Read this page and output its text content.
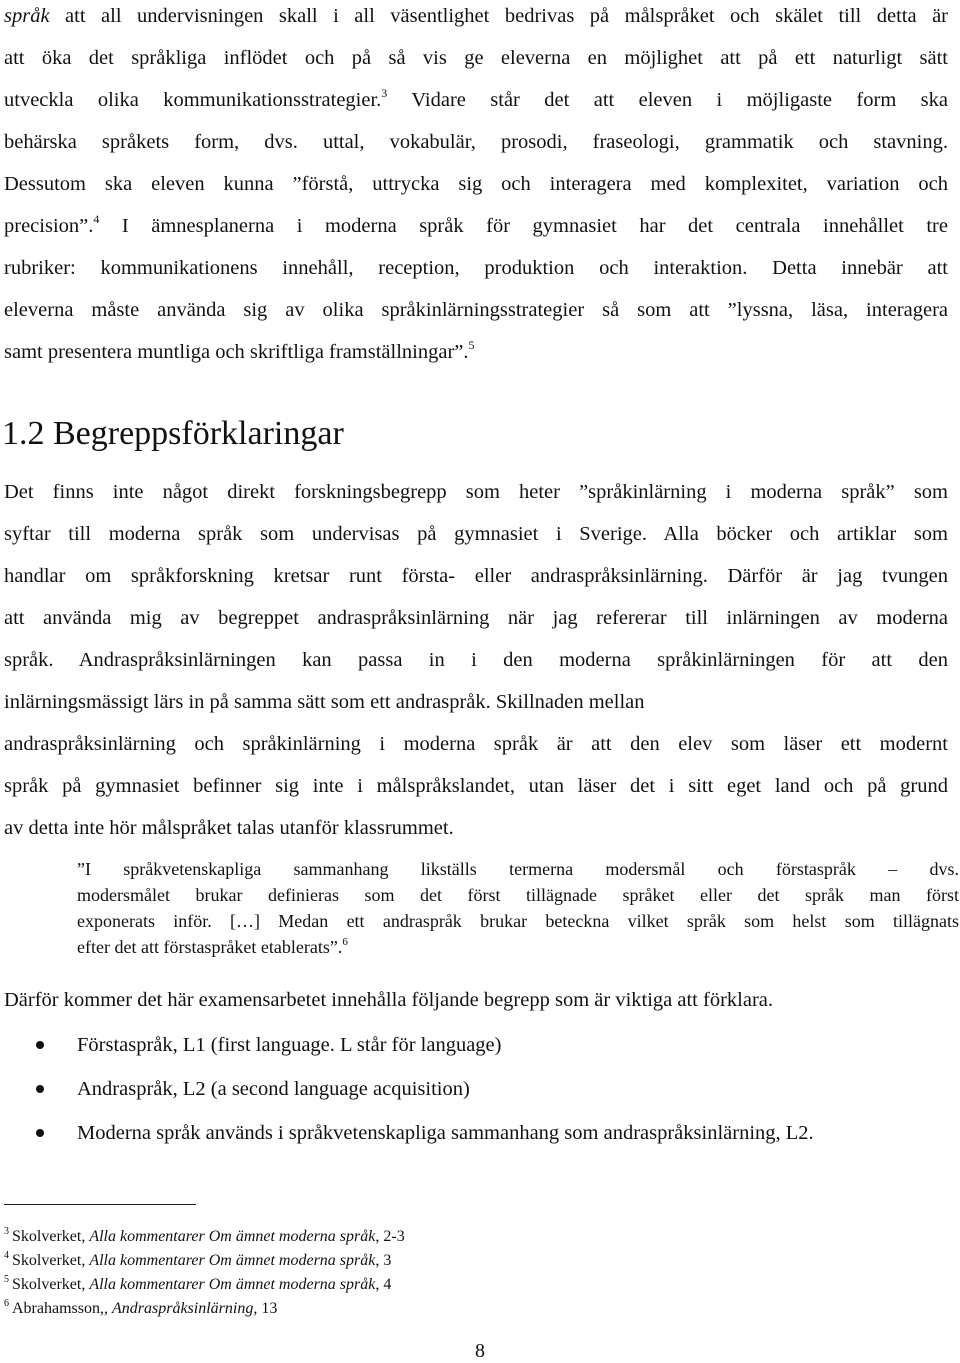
språk att all undervisningen skall i all väsentlighet bedrivas på målspråket och skälet till detta är
att öka det språkliga inflödet och på så vis ge eleverna en möjlighet att på ett naturligt sätt
utveckla olika kommunikationsstrategier.$^3$ Vidare står det att eleven i möjligaste form ska
behärska språkets form, dvs. uttal, vokabulär, prosodi, fraseologi, grammatik och stavning.
Dessutom ska eleven kunna ”förstå, uttrycka sig och interagera med komplexitet, variation och
precision”.$^4$ I ämnesplanerna i moderna språk för gymnasiet har det centrala innehållet tre
rubriker: kommunikationens innehåll, reception, produktion och interaktion. Detta innebär att
eleverna måste använda sig av olika språkinlärningsstrategier så som att ”lyssna, läsa, interagera
samt presentera muntliga och skriftliga framställningar”.$^5$
1.2 Begreppsförklaringar
Det finns inte något direkt forskningsbegrepp som heter ”språkinlärning i moderna språk” som
syftar till moderna språk som undervisas på gymnasiet i Sverige. Alla böcker och artiklar som
handlar om språkforskning kretsar runt första- eller andraspråksinlärning. Därför är jag tvungen
att använda mig av begreppet andraspråksinlärning när jag refererar till inlärningen av moderna
språk. Andraspråksinlärningen kan passa in i den moderna språkinlärningen för att den
inlärningsmässigt lärs in på samma sätt som ett andraspråk. Skillnaden mellan
andraspråksinlärning och språkinlärning i moderna språk är att den elev som läser ett modernt
språk på gymnasiet befinner sig inte i målspråkslandet, utan läser det i sitt eget land och på grund
av detta inte hör målspråket talas utanför klassrummet.
”I språkvetenskapliga sammanhang likställs termerna modersmål och förstaspråk – dvs.
modersmålet brukar definieras som det först tillägnade språket eller det språk man först
exponerats inför. […] Medan ett andraspråk brukar beteckna vilket språk som helst som tillägnats
efter det att förstaspråket etablerats”.$^6$
Därför kommer det här examensarbetet innehålla följande begrepp som är viktiga att förklara.
Förstaspråk, L1 (first language. L står för language)
Andraspråk, L2 (a second language acquisition)
Moderna språk används i språkvetenskapliga sammanhang som andraspråksinlärning, L2.
$^3$ Skolverket, Alla kommentarer Om ämnet moderna språk, 2-3
$^4$ Skolverket, Alla kommentarer Om ämnet moderna språk, 3
$^5$ Skolverket, Alla kommentarer Om ämnet moderna språk, 4
$^6$ Abrahamsson,, Andraspråksinlärning, 13
8
